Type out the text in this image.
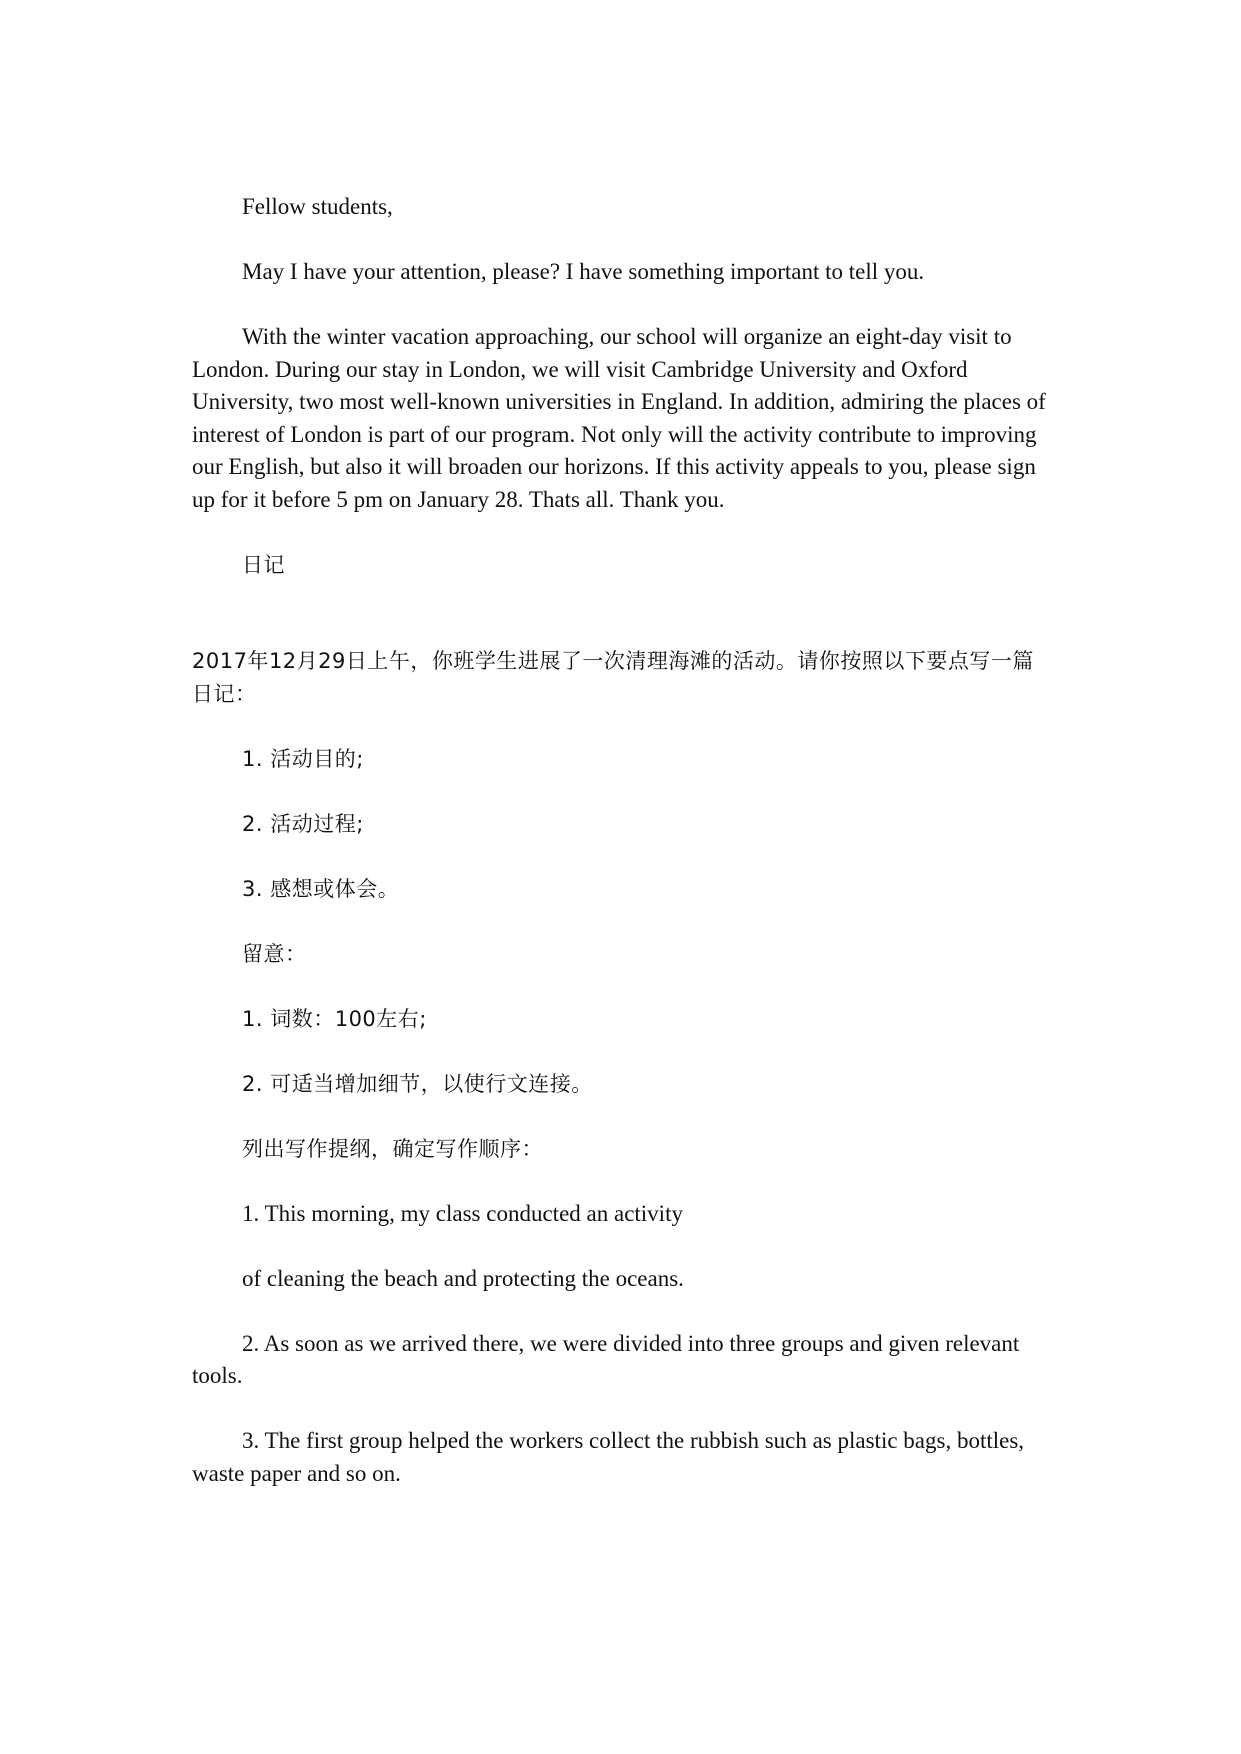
Fellow students,

May I have your attention, please? I have something important to tell you.

With the winter vacation approaching, our school will organize an eight-day visit to London. During our stay in London, we will visit Cambridge University and Oxford University, two most well-known universities in England. In addition, admiring the places of interest of London is part of our program. Not only will the activity contribute to improving our English, but also it will broaden our horizons. If this activity appeals to you, please sign up for it before 5 pm on January 28. Thats all. Thank you.

日记

2017年12月29日上午，你班学生进展了一次清理海滩的活动。请你按照以下要点写一篇日记：

1. 活动目的;

2. 活动过程;

3. 感想或体会。

留意：

1. 词数：100左右;

2. 可适当增加细节，以使行文连接。

列出写作提纲，确定写作顺序：

1. This morning, my class conducted an activity

of cleaning the beach and protecting the oceans.

2. As soon as we arrived there, we were divided into three groups and given relevant tools.

3. The first group helped the workers collect the rubbish such as plastic bags, bottles, waste paper and so on.
